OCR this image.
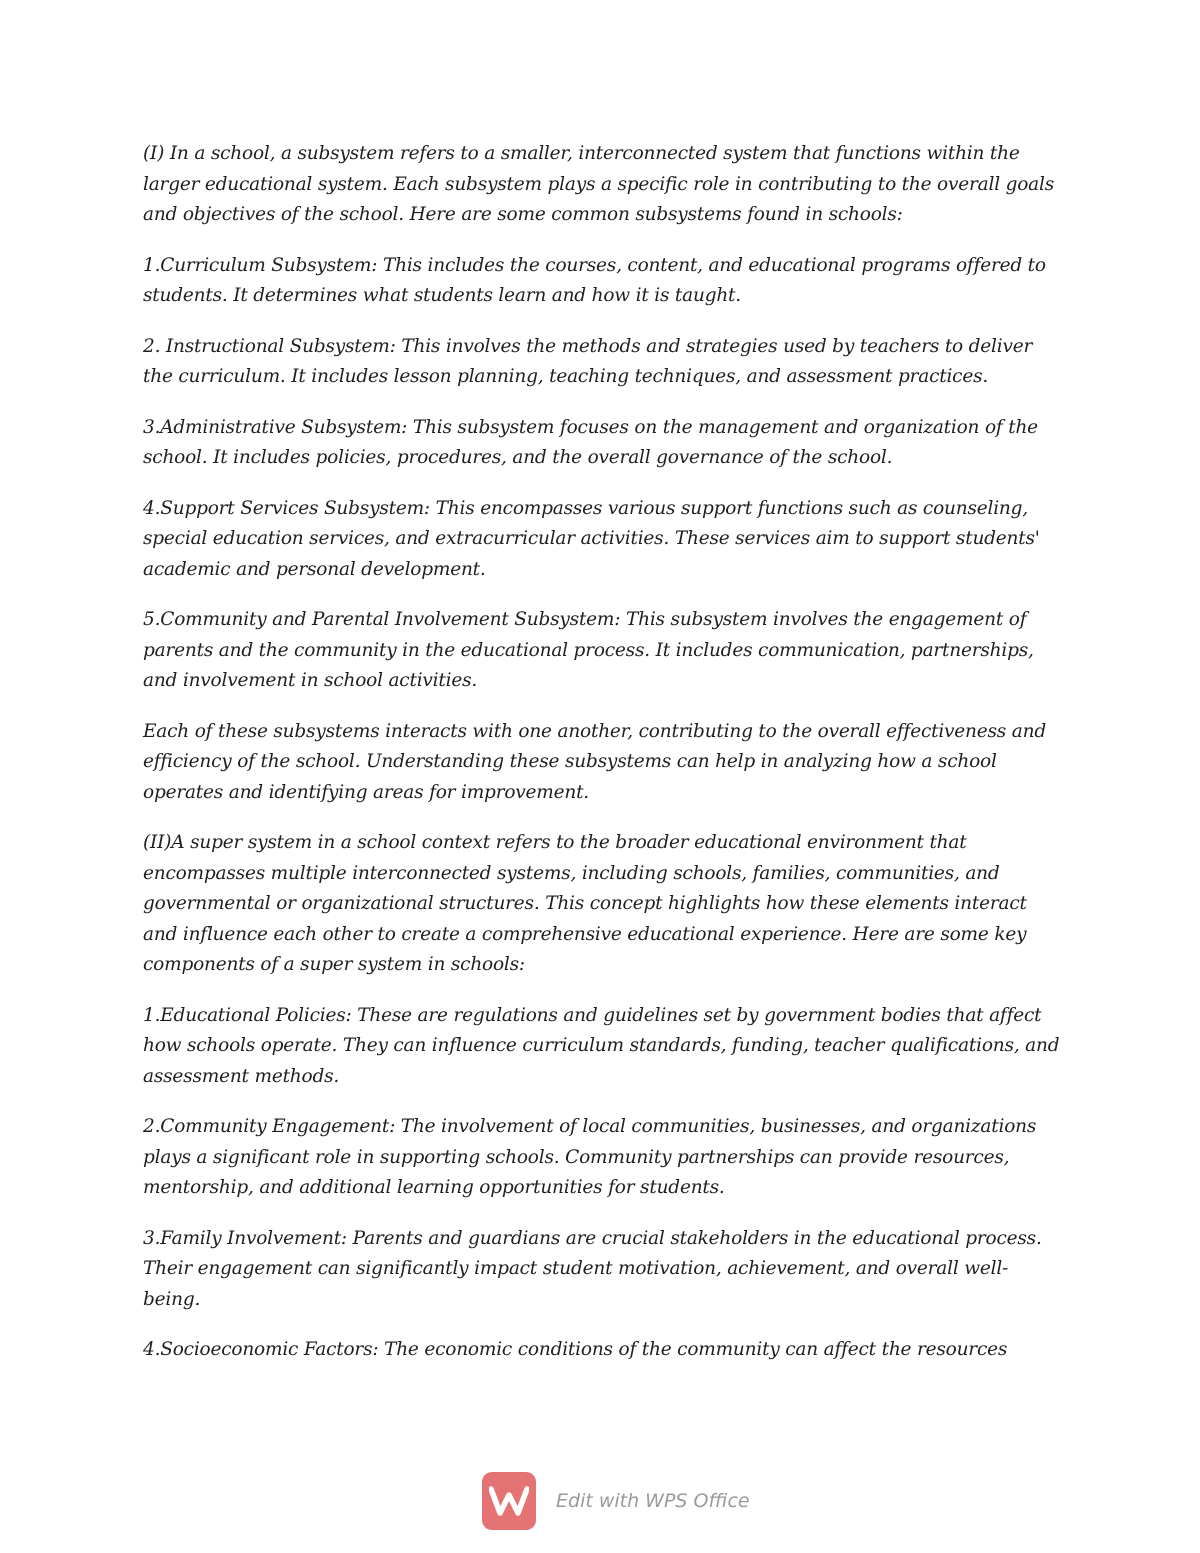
(I) In a school, a subsystem refers to a smaller, interconnected system that functions within the larger educational system. Each subsystem plays a specific role in contributing to the overall goals and objectives of the school. Here are some common subsystems found in schools:

1.Curriculum Subsystem: This includes the courses, content, and educational programs offered to students. It determines what students learn and how it is taught.

2. Instructional Subsystem: This involves the methods and strategies used by teachers to deliver the curriculum. It includes lesson planning, teaching techniques, and assessment practices.

3.Administrative Subsystem: This subsystem focuses on the management and organization of the school. It includes policies, procedures, and the overall governance of the school.

4.Support Services Subsystem: This encompasses various support functions such as counseling, special education services, and extracurricular activities. These services aim to support students' academic and personal development.

5.Community and Parental Involvement Subsystem: This subsystem involves the engagement of parents and the community in the educational process. It includes communication, partnerships, and involvement in school activities.

Each of these subsystems interacts with one another, contributing to the overall effectiveness and efficiency of the school. Understanding these subsystems can help in analyzing how a school operates and identifying areas for improvement.

(II)A super system in a school context refers to the broader educational environment that encompasses multiple interconnected systems, including schools, families, communities, and governmental or organizational structures. This concept highlights how these elements interact and influence each other to create a comprehensive educational experience. Here are some key components of a super system in schools:

1.Educational Policies: These are regulations and guidelines set by government bodies that affect how schools operate. They can influence curriculum standards, funding, teacher qualifications, and assessment methods.

2.Community Engagement: The involvement of local communities, businesses, and organizations plays a significant role in supporting schools. Community partnerships can provide resources, mentorship, and additional learning opportunities for students.

3.Family Involvement: Parents and guardians are crucial stakeholders in the educational process. Their engagement can significantly impact student motivation, achievement, and overall well-being.

4.Socioeconomic Factors: The economic conditions of the community can affect the resources

Edit with WPS Office
